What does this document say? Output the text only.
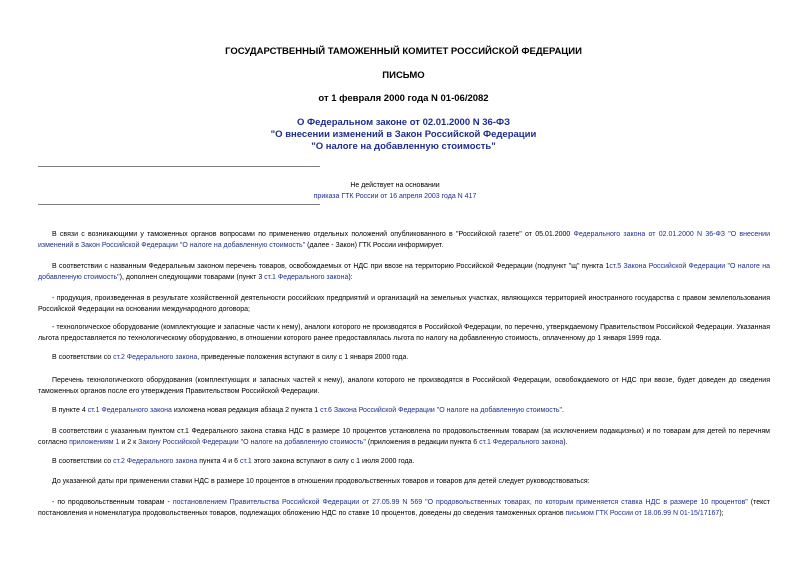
ГОСУДАРСТВЕННЫЙ ТАМОЖЕННЫЙ КОМИТЕТ РОССИЙСКОЙ ФЕДЕРАЦИИ
ПИСЬМО
от 1 февраля 2000 года N 01-06/2082
О Федеральном законе от 02.01.2000 N 36-ФЗ
"О внесении изменений в Закон Российской Федерации
"О налоге на добавленную стоимость"
Не действует на основании
приказа ГТК России от 16 апреля 2003 года N 417
В связи с возникающими у таможенных органов вопросами по применению отдельных положений опубликованного в "Российской газете" от 05.01.2000 Федерального закона от 02.01.2000 N 36-ФЗ "О внесении изменений в Закон Российской Федерации "О налоге на добавленную стоимость" (далее - Закон) ГТК России информирует.
В соответствии с названным Федеральным законом перечень товаров, освобождаемых от НДС при ввозе на территорию Российской Федерации (подпункт "щ" пункта 1ст.5 Закона Российской Федерации "О налоге на добавленную стоимость"), дополнен следующими товарами (пункт 3 ст.1 Федерального закона):
- продукция, произведенная в результате хозяйственной деятельности российских предприятий и организаций на земельных участках, являющихся территорией иностранного государства с правом землепользования Российской Федерации на основании международного договора;
- технологическое оборудование (комплектующие и запасные части к нему), аналоги которого не производятся в Российской Федерации, по перечню, утверждаемому Правительством Российской Федерации. Указанная льгота предоставляется по технологическому оборудованию, в отношении которого ранее предоставлялась льгота по налогу на добавленную стоимость, оплаченному до 1 января 1999 года.
В соответствии со ст.2 Федерального закона, приведенные положения вступают в силу с 1 января 2000 года.
Перечень технологического оборудования (комплектующих и запасных частей к нему), аналоги которого не производятся в Российской Федерации, освобождаемого от НДС при ввозе, будет доведен до сведения таможенных органов после его утверждения Правительством Российской Федерации.
В пункте 4 ст.1 Федерального закона изложена новая редакция абзаца 2 пункта 1 ст.6 Закона Российской Федерации "О налоге на добавленную стоимость".
В соответствии с указанным пунктом ст.1 Федерального закона ставка НДС в размере 10 процентов установлена по продовольственным товарам (за исключением подакцизных) и по товарам для детей по перечням согласно приложениям 1 и 2 к Закону Российской Федерации "О налоге на добавленную стоимость" (приложения в редакции пункта 6 ст.1 Федерального закона).
В соответствии со ст.2 Федерального закона пункта 4 и 6 ст.1 этого закона вступают в силу с 1 июля 2000 года.
До указанной даты при применении ставки НДС в размере 10 процентов в отношении продовольственных товаров и товаров для детей следует руководствоваться:
- по продовольственным товарам - постановлением Правительства Российской Федерации от 27.05.99 N 569 "О продовольственных товарах, по которым применяется ставка НДС в размере 10 процентов" (текст постановления и номенклатура продовольственных товаров, подлежащих обложению НДС по ставке 10 процентов, доведены до сведения таможенных органов письмом ГТК России от 18.06.99 N 01-15/17167);
